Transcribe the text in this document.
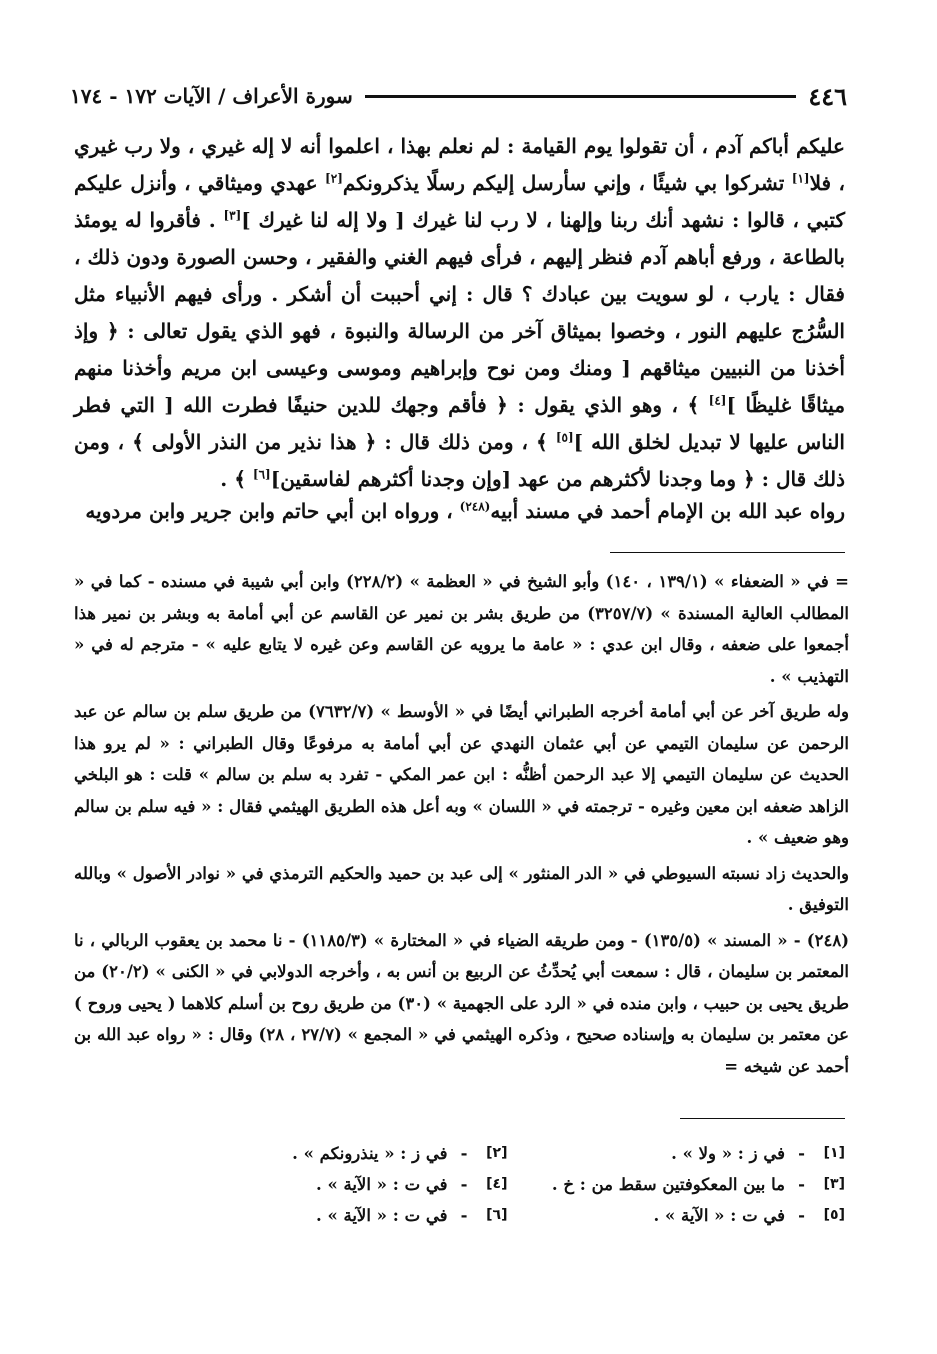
٤٤٦
سورة الأعراف / الآيات ١٧٢ - ١٧٤

عليكم أباكم آدم ، أن تقولوا يوم القيامة : لم نعلم بهذا ، اعلموا أنه لا إله غيري ، ولا رب غيري ، فلا[١] تشركوا بي شيئًا ، وإني سأرسل إليكم رسلًا يذكرونكم[٢] عهدي وميثاقي ، وأنزل عليكم كتبي ، قالوا : نشهد أنك ربنا وإلهنا ، لا رب لنا غيرك [ ولا إله لنا غيرك ][٣] . فأقروا له يومئذ بالطاعة ، ورفع أباهم آدم فنظر إليهم ، فرأى فيهم الغني والفقير ، وحسن الصورة ودون ذلك ، فقال : يارب ، لو سويت بين عبادك ؟ قال : إني أحببت أن أشكر . ورأى فيهم الأنبياء مثل السُّرُج عليهم النور ، وخصوا بميثاق آخر من الرسالة والنبوة ، فهو الذي يقول تعالى : ﴿ وإذ أخذنا من النبيين ميثاقهم [ ومنك ومن نوح وإبراهيم وموسى وعيسى ابن مريم وأخذنا منهم ميثاقًا غليظًا ][٤] ﴾ ، وهو الذي يقول : ﴿ فأقم وجهك للدين حنيفًا فطرت الله [ التي فطر الناس عليها لا تبديل لخلق الله ][٥] ﴾ ، ومن ذلك قال : ﴿ هذا نذير من النذر الأولى ﴾ ، ومن ذلك قال : ﴿ وما وجدنا لأكثرهم من عهد [وإن وجدنا أكثرهم لفاسقين][٦] ﴾ .

رواه عبد الله بن الإمام أحمد في مسند أبيه$^{(٢٤٨)}$ ، ورواه ابن أبي حاتم وابن جرير وابن مردويه

= في « الضعفاء » (١٣٩/١ ، ١٤٠) وأبو الشيخ في « العظمة » (٢٢٨/٢) وابن أبي شيبة في مسنده - كما في « المطالب العالية المسندة » (٣٢٥٧/٧) من طريق بشر بن نمير عن القاسم عن أبي أمامة به وبشر بن نمير هذا أجمعوا على ضعفه ، وقال ابن عدي : « عامة ما يرويه عن القاسم وعن غيره لا يتابع عليه » - مترجم له في « التهذيب » .

وله طريق آخر عن أبي أمامة أخرجه الطبراني أيضًا في « الأوسط » (٧٦٣٢/٧) من طريق سلم بن سالم عن عبد الرحمن عن سليمان التيمي عن أبي عثمان النهدي عن أبي أمامة به مرفوعًا وقال الطبراني : « لم يرو هذا الحديث عن سليمان التيمي إلا عبد الرحمن أظنُّه : ابن عمر المكي - تفرد به سلم بن سالم » قلت : هو البلخي الزاهد ضعفه ابن معين وغيره - ترجمته في « اللسان » وبه أعل هذه الطريق الهيثمي فقال : « فيه سلم بن سالم وهو ضعيف » .

والحديث زاد نسبته السيوطي في « الدر المنثور » إلى عبد بن حميد والحكيم الترمذي في « نوادر الأصول » وبالله التوفيق .

(٢٤٨) - « المسند » (١٣٥/٥) - ومن طريقه الضياء في « المختارة » (١١٨٥/٣) - نا محمد بن يعقوب الربالي ، نا المعتمر بن سليمان ، قال : سمعت أبي يُحدِّثُ عن الربيع بن أنس به ، وأخرجه الدولابي في « الكنى » (٢٠/٢) من طريق يحيى بن حبيب ، وابن منده في « الرد على الجهمية » (٣٠) من طريق روح بن أسلم كلاهما ( يحيى وروح ) عن معتمر بن سليمان به وإسناده صحيح ، وذكره الهيثمي في « المجمع » (٢٧/٧ ، ٢٨) وقال : « رواه عبد الله بن أحمد عن شيخه =

[١]
-
في ز : « ولا » .
[٢]
-
في ز : « ينذرونكم » .
[٣]
-
ما بين المعكوفتين سقط من : خ .
[٤]
-
في ت : « الآية » .
[٥]
-
في ت : « الآية » .
[٦]
-
في ت : « الآية » .
